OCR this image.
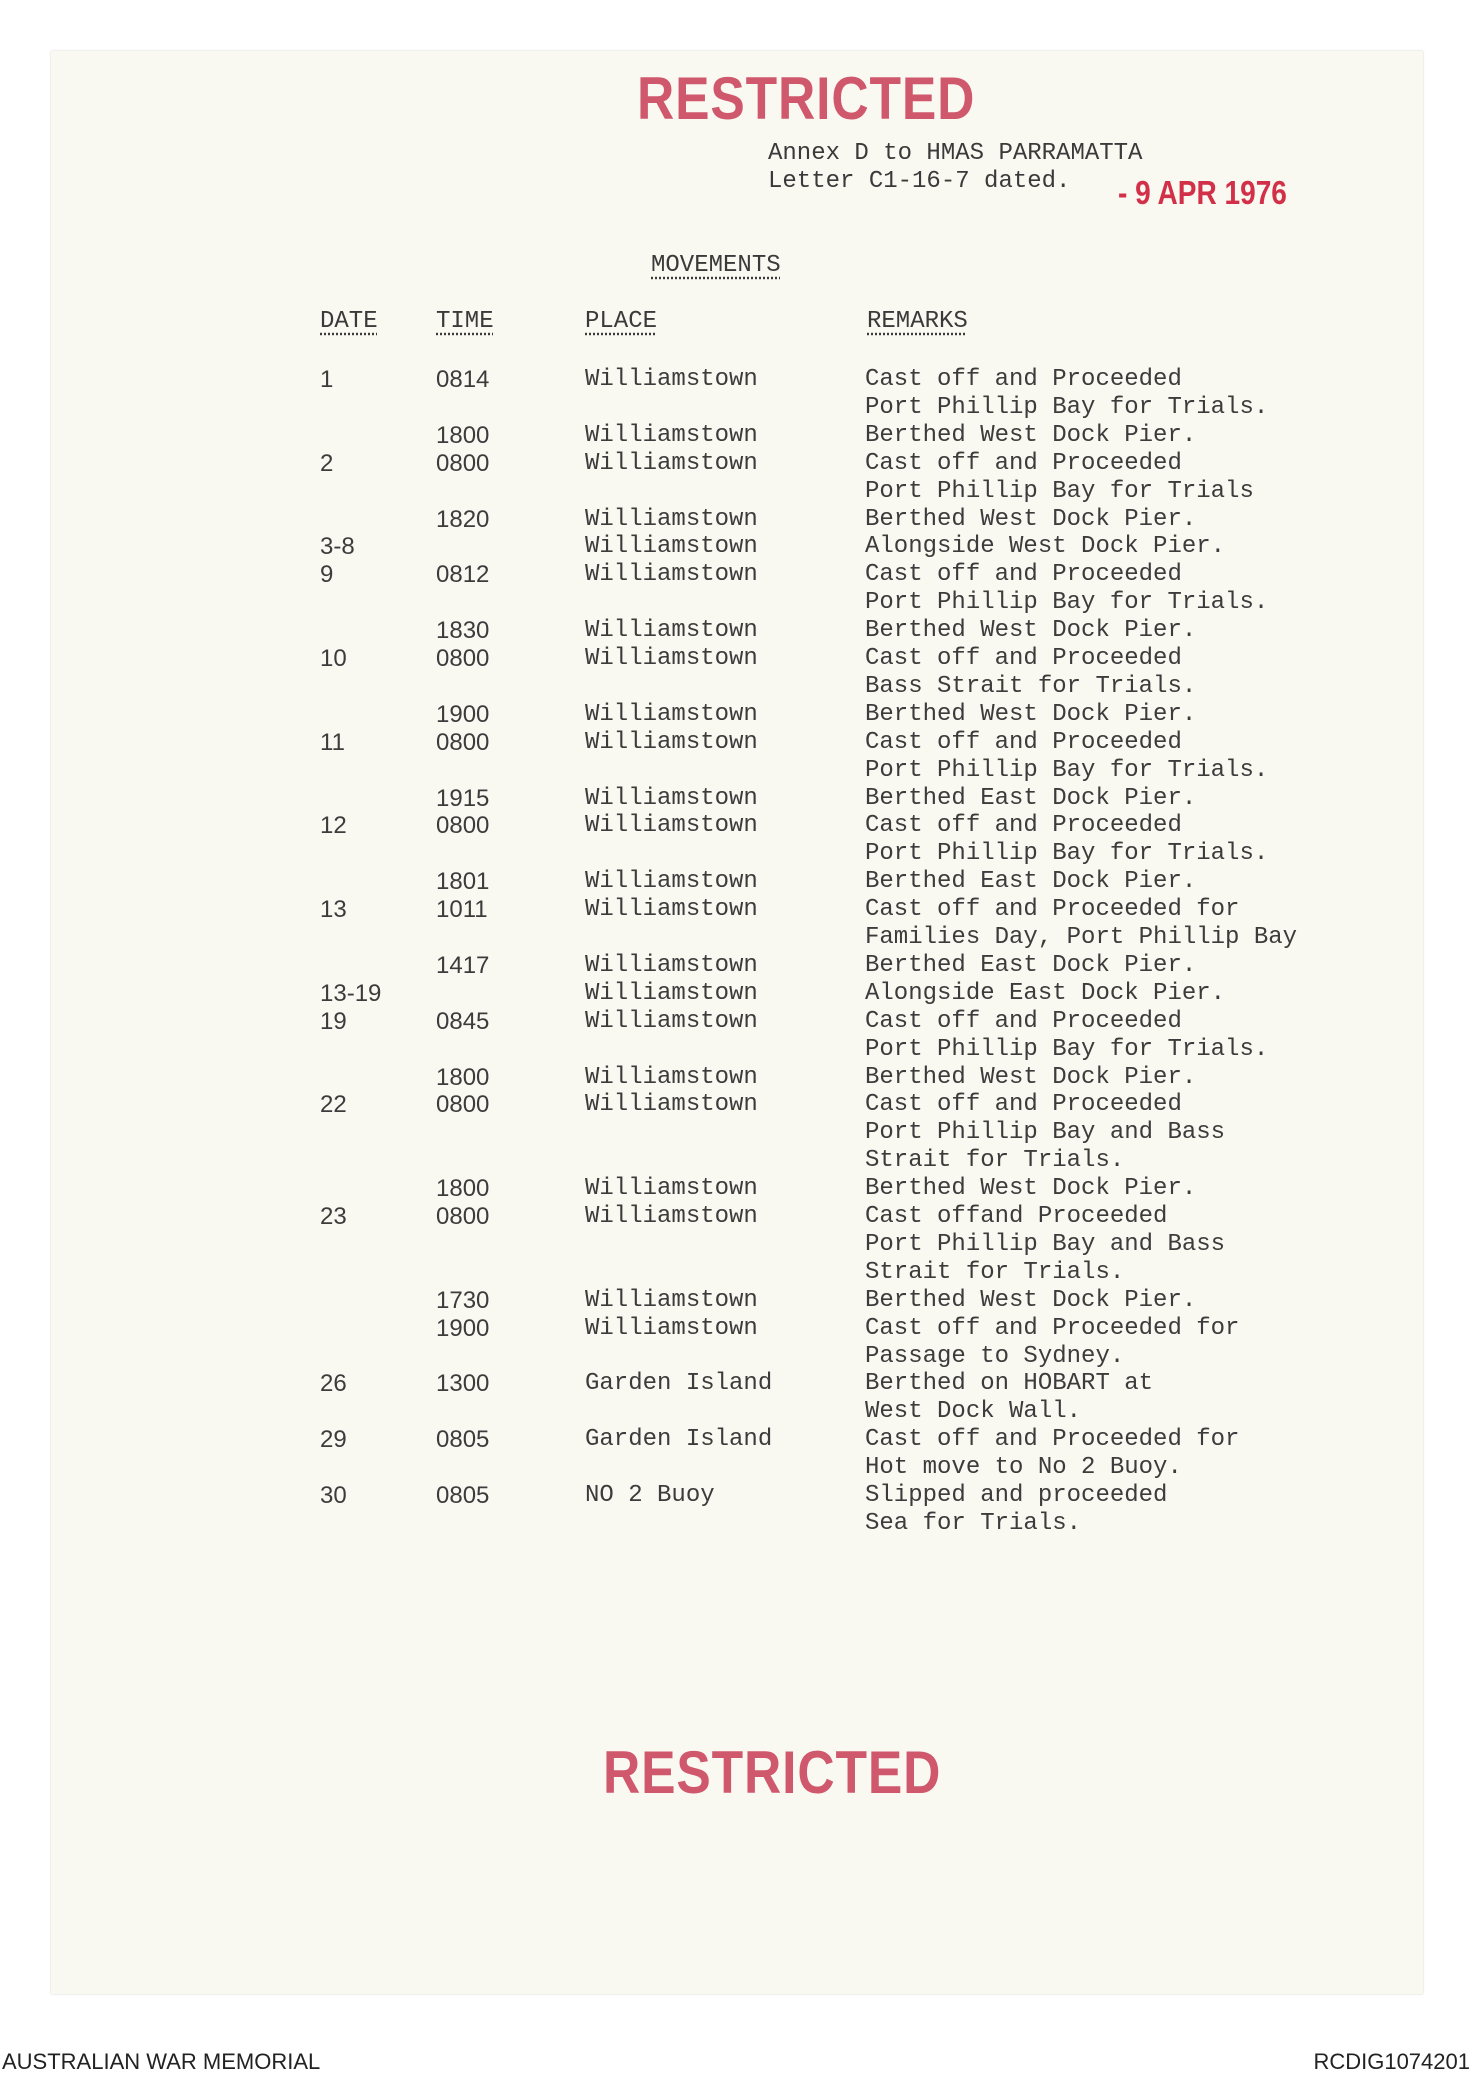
RESTRICTED
Annex D to HMAS PARRAMATTA
Letter C1-16-7 dated. - 9 APR 1976
MOVEMENTS
DATE TIME	PLACE	REMARKS
1	0814	Williamstown	Cast off and Proceeded
Port Phillip Bay for Trials.
1800	Williamstown	Berthed West Dock Pier.
2	0800	Williamstown	Cast off and Proceeded
Port Phillip Bay for Trials
1820	Williamstown	Berthed West Dock Pier.
3-8	Williamstown	Alongside West Dock Pier.
9	0812	Williamstown	Cast off and Proceeded
Port Phillip Bay for Trials.
1830	Williamstown	Berthed West Dock Pier.
10	0800	Williamstown	Cast off and Proceeded
Bass Strait for Trials.
1900	Williamstown	Berthed West Dock Pier.
11	0800	Williamstown	Cast off and Proceeded
Port Phillip Bay for Trials.
1915	Williamstown	Berthed East Dock Pier.
12	0800	Williamstown	Cast off and Proceeded
Port Phillip Bay for Trials.
1801	Williamstown	Berthed East Dock Pier.
13	1011	Williamstown	Cast off and Proceeded for
Families Day, Port Phillip Bay
1417	Williamstown	Berthed East Dock Pier.
13-19	Williamstown	Alongside East Dock Pier.
19	0845	Williamstown	Cast off and Proceeded
Port Phillip Bay for Trials.
1800	Williamstown	Berthed West Dock Pier.
22	0800	Williamstown	Cast off and Proceeded
Port Phillip Bay and Bass
Strait for Trials.
1800	Williamstown	Berthed West Dock Pier.
23	0800	Williamstown	Cast offand Proceeded
Port Phillip Bay and Bass
Strait for Trials.
1730	Williamstown	Berthed West Dock Pier.
1900	Williamstown	Cast off and Proceeded for
Passage to Sydney.
26	1300	Garden Island	Berthed on HOBART at
West Dock Wall.
29	0805	Garden Island	Cast off and Proceeded for
Hot move to No 2 Buoy.
30	0805	NO 2 Buoy	Slipped and proceeded
Sea for Trials.
RESTRICTED
AUSTRALIAN WAR MEMORIAL	RCDIG1074201
